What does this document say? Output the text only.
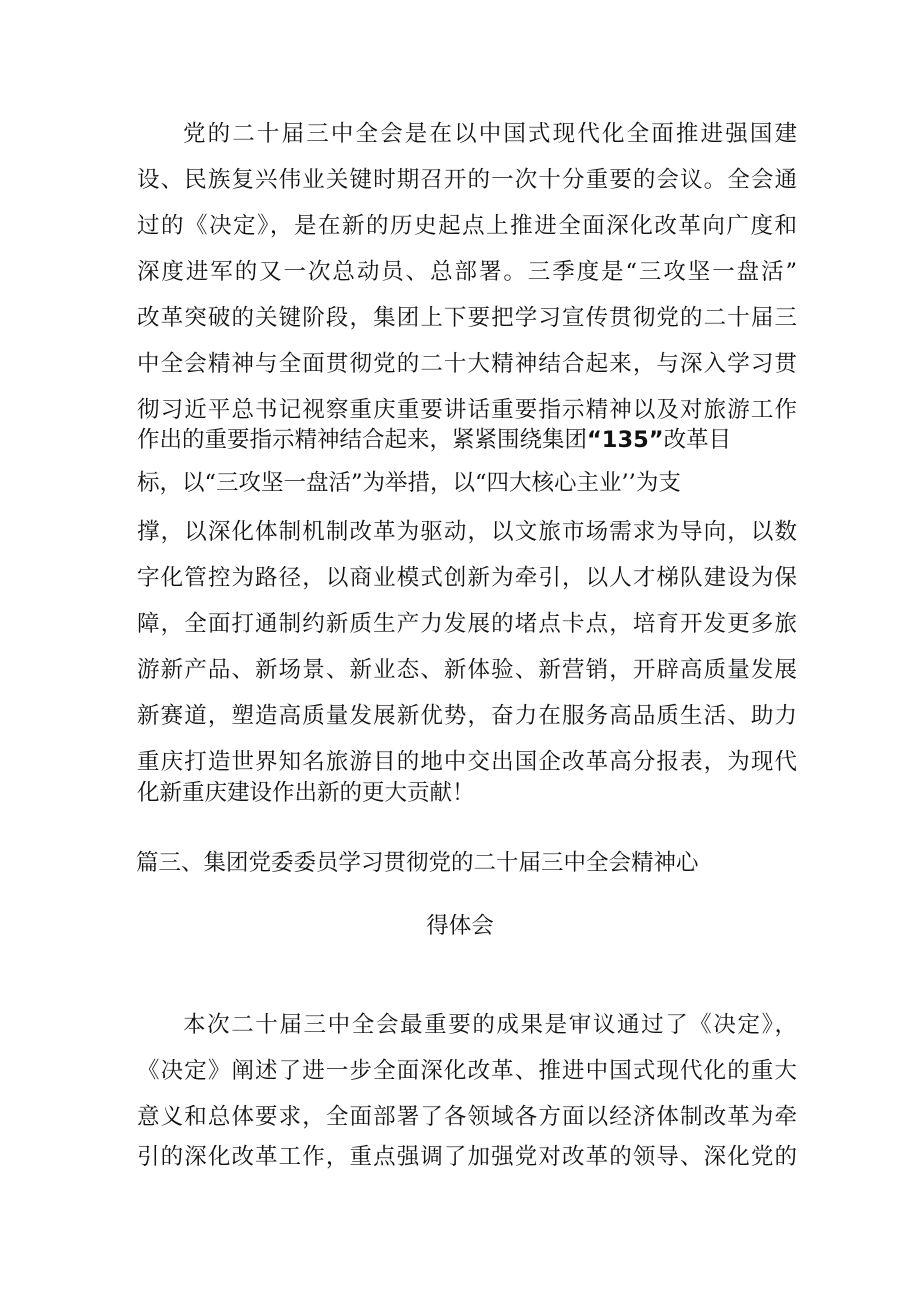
党的二十届三中全会是在以中国式现代化全面推进强国建
设、民族复兴伟业关键时期召开的一次十分重要的会议。全会通
过的《决定》，是在新的历史起点上推进全面深化改革向广度和
深度进军的又一次总动员、总部署。三季度是“三攻坚一盘活”
改革突破的关键阶段，集团上下要把学习宣传贯彻党的二十届三
中全会精神与全面贯彻党的二十大精神结合起来，与深入学习贯
彻习近平总书记视察重庆重要讲话重要指示精神以及对旅游工作
作出的重要指示精神结合起来，紧紧围绕集团“135”改革目
标，以“三攻坚一盘活”为举措，以“四大核心主业’’为支
撑，以深化体制机制改革为驱动，以文旅市场需求为导向，以数
字化管控为路径，以商业模式创新为牵引，以人才梯队建设为保
障，全面打通制约新质生产力发展的堵点卡点，培育开发更多旅
游新产品、新场景、新业态、新体验、新营销，开辟高质量发展
新赛道，塑造高质量发展新优势，奋力在服务高品质生活、助力
重庆打造世界知名旅游目的地中交出国企改革高分报表，为现代
化新重庆建设作出新的更大贡献！
篇三、集团党委委员学习贯彻党的二十届三中全会精神心
得体会
本次二十届三中全会最重要的成果是审议通过了《决定》，
《决定》阐述了进一步全面深化改革、推进中国式现代化的重大
意义和总体要求，全面部署了各领域各方面以经济体制改革为牵
引的深化改革工作，重点强调了加强党对改革的领导、深化党的
